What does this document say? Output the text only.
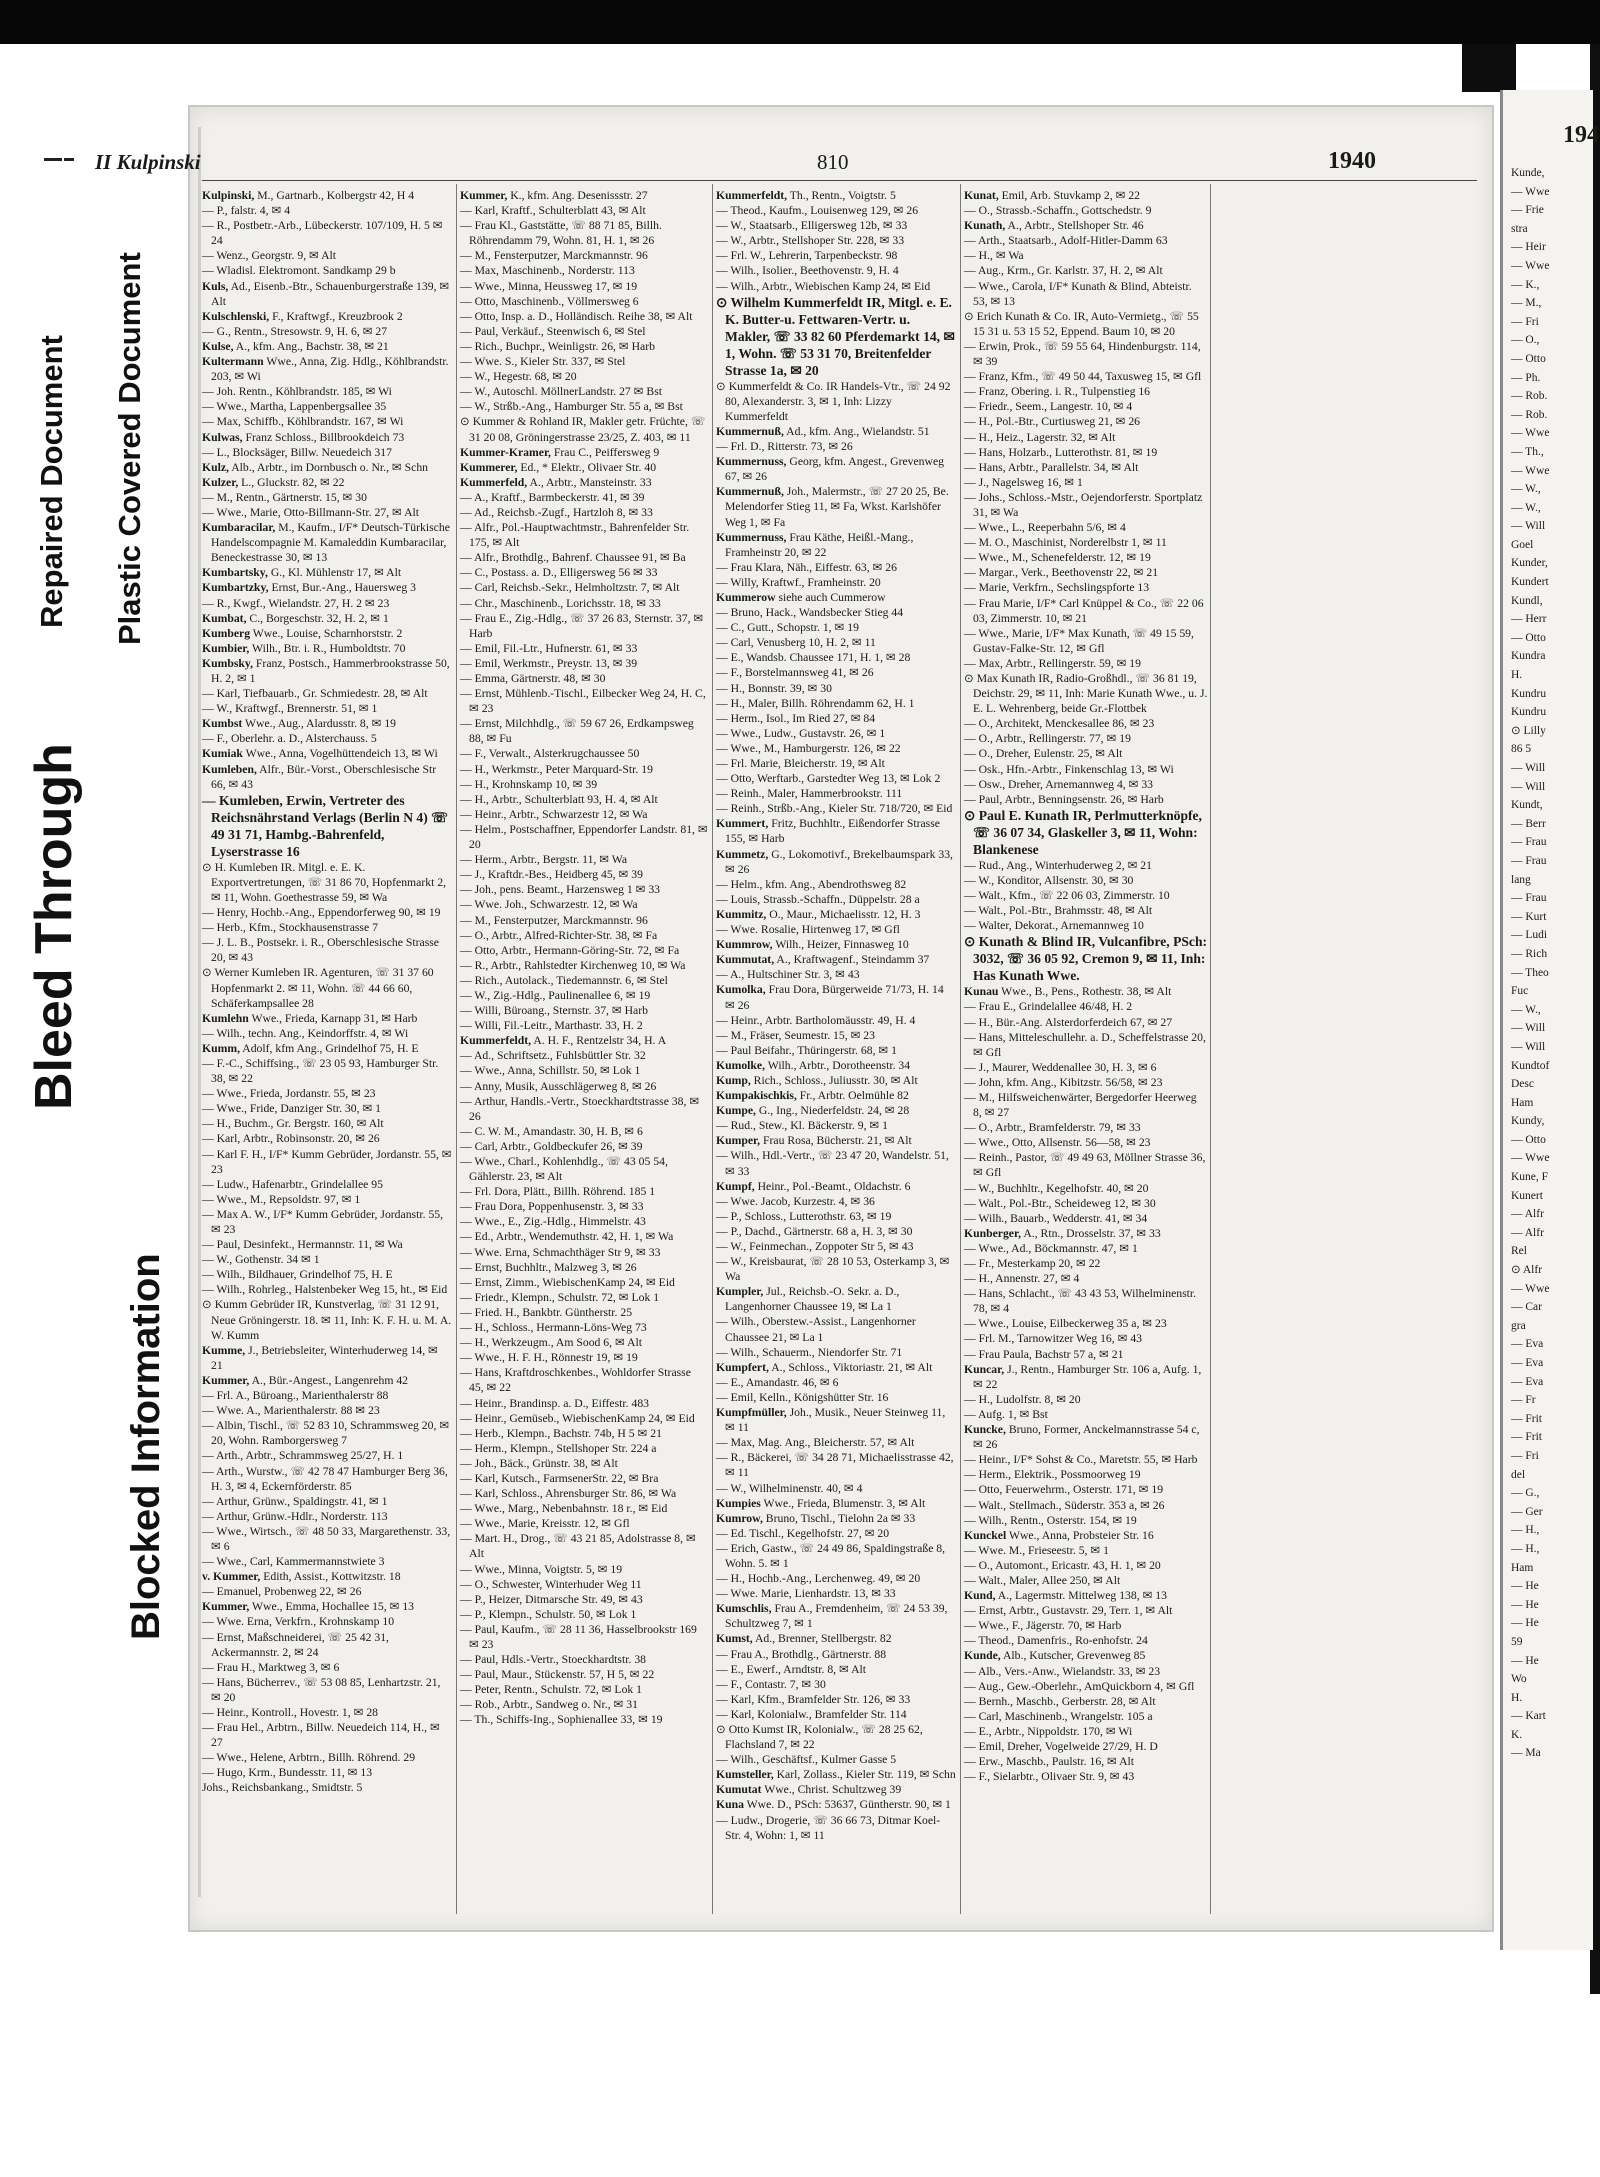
Bleed Through
Repaired Document Plastic Covered Document
Blocked Information
II Kulpinski	810	1940

Kulpinski, M., Gartnarb., Kolbergstr 42, H 4

— P., falstr. 4, ✉ 4

— R., Postbetr.-Arb., Lübeckerstr. 107/109, H. 5 ✉ 24

— Wenz., Georgstr. 9, ✉ Alt

— Wladisl. Elektromont. Sandkamp 29 b

Kuls, Ad., Eisenb.-Btr., Schauenburgerstraße 139, ✉ Alt

Kulschlenski, F., Kraftwgf., Kreuzbrook 2

— G., Rentn., Stresowstr. 9, H. 6, ✉ 27

Kulse, A., kfm. Ang., Bachstr. 38, ✉ 21

Kultermann Wwe., Anna, Zig. Hdlg., Köhlbrandstr. 203, ✉ Wi

— Joh. Rentn., Köhlbrandstr. 185, ✉ Wi

— Wwe., Martha, Lappenbergsallee 35

— Max, Schiffb., Köhlbrandstr. 167, ✉ Wi

Kulwas, Franz Schloss., Billbrookdeich 73

— L., Blocksäger, Billw. Neuedeich 317

Kulz, Alb., Arbtr., im Dornbusch o. Nr., ✉ Schn

Kulzer, L., Gluckstr. 82, ✉ 22

— M., Rentn., Gärtnerstr. 15, ✉ 30

— Wwe., Marie, Otto-Billmann-Str. 27, ✉ Alt

Kumbaracilar, M., Kaufm., I/F* Deutsch-Türkische Handelscompagnie M. Kamaleddin Kumbaracilar, Beneckestrasse 30, ✉ 13

Kumbartsky, G., Kl. Mühlenstr 17, ✉ Alt

Kumbartzky, Ernst, Bur.-Ang., Hauersweg 3

— R., Kwgf., Wielandstr. 27, H. 2 ✉ 23

Kumbat, C., Borgeschstr. 32, H. 2, ✉ 1

Kumberg Wwe., Louise, Scharnhorststr. 2

Kumbier, Wilh., Btr. i. R., Humboldtstr. 70

Kumbsky, Franz, Postsch., Hammerbrookstrasse 50, H. 2, ✉ 1

— Karl, Tiefbauarb., Gr. Schmiedestr. 28, ✉ Alt

— W., Kraftwgf., Brennerstr. 51, ✉ 1

Kumbst Wwe., Aug., Alardusstr. 8, ✉ 19

— F., Oberlehr. a. D., Alsterchauss. 5

Kumiak Wwe., Anna, Vogelhüttendeich 13, ✉ Wi

Kumleben, Alfr., Bür.-Vorst., Oberschlesische Str 66, ✉ 43

— Kumleben, Erwin, Vertreter des Reichsnährstand Verlags (Berlin N 4) ☏ 49 31 71, Hambg.-Bahrenfeld, Lyserstrasse 16

⊙ H. Kumleben IR. Mitgl. e. E. K. Exportvertretungen, ☏ 31 86 70, Hopfenmarkt 2, ✉ 11, Wohn. Goethestrasse 59, ✉ Wa

— Henry, Hochb.-Ang., Eppendorferweg 90, ✉ 19

— Herb., Kfm., Stockhausenstrasse 7

— J. L. B., Postsekr. i. R., Oberschlesische Strasse 20, ✉ 43

⊙ Werner Kumleben IR. Agenturen, ☏ 31 37 60 Hopfenmarkt 2. ✉ 11, Wohn. ☏ 44 66 60, Schäferkampsallee 28

Kumlehn Wwe., Frieda, Karnapp 31, ✉ Harb

— Wilh., techn. Ang., Keindorffstr. 4, ✉ Wi

Kumm, Adolf, kfm Ang., Grindelhof 75, H. E

— F.-C., Schiffsing., ☏ 23 05 93, Hamburger Str. 38, ✉ 22

— Wwe., Frieda, Jordanstr. 55, ✉ 23

— Wwe., Fride, Danziger Str. 30, ✉ 1

— H., Buchm., Gr. Bergstr. 160, ✉ Alt

— Karl, Arbtr., Robinsonstr. 20, ✉ 26

— Karl F. H., I/F* Kumm Gebrüder, Jordanstr. 55, ✉ 23

— Ludw., Hafenarbtr., Grindelallee 95

— Wwe., M., Repsoldstr. 97, ✉ 1

— Max A. W., I/F* Kumm Gebrüder, Jordanstr. 55, ✉ 23

— Paul, Desinfekt., Hermannstr. 11, ✉ Wa

— W., Gothenstr. 34 ✉ 1

— Wilh., Bildhauer, Grindelhof 75, H. E

— Wilh., Rohrleg., Halstenbeker Weg 15, ht., ✉ Eid

⊙ Kumm Gebrüder IR, Kunstverlag, ☏ 31 12 91, Neue Gröningerstr. 18. ✉ 11, Inh: K. F. H. u. M. A. W. Kumm

Kumme, J., Betriebsleiter, Winterhuderweg 14, ✉ 21

Kummer, A., Bür.-Angest., Langenrehm 42

— Frl. A., Büroang., Marienthalerstr 88

— Wwe. A., Marienthalerstr. 88 ✉ 23

— Albin, Tischl., ☏ 52 83 10, Schrammsweg 20, ✉ 20, Wohn. Ramborgersweg 7

— Arth., Arbtr., Schrammsweg 25/27, H. 1

— Arth., Wurstw., ☏ 42 78 47 Hamburger Berg 36, H. 3, ✉ 4, Eckernförderstr. 85

— Arthur, Grünw., Spaldingstr. 41, ✉ 1

— Arthur, Grünw.-Hdlr., Norderstr. 113

— Wwe., Wirtsch., ☏ 48 50 33, Margarethenstr. 33, ✉ 6

— Wwe., Carl, Kammermannstwiete 3

v. Kummer, Edith, Assist., Kottwitzstr. 18

— Emanuel, Probenweg 22, ✉ 26

Kummer, Wwe., Emma, Hochallee 15, ✉ 13

— Wwe. Erna, Verkfrn., Krohnskamp 10

— Ernst, Maßschneiderei, ☏ 25 42 31, Ackermannstr. 2, ✉ 24

— Frau H., Marktweg 3, ✉ 6

— Hans, Bücherrev., ☏ 53 08 85, Lenhartzstr. 21, ✉ 20

— Heinr., Kontroll., Hovestr. 1, ✉ 28

— Frau Hel., Arbtrn., Billw. Neuedeich 114, H., ✉ 27

— Wwe., Helene, Arbtrn., Billh. Röhrend. 29

— Hugo, Krm., Bundesstr. 11, ✉ 13

Johs., Reichsbankang., Smidtstr. 5

Kummer, K., kfm. Ang. Desenissstr. 27

— Karl, Kraftf., Schulterblatt 43, ✉ Alt

— Frau Kl., Gaststätte, ☏ 88 71 85, Billh. Röhrendamm 79, Wohn. 81, H. 1, ✉ 26

— M., Fensterputzer, Marckmannstr. 96

— Max, Maschinenb., Norderstr. 113

— Wwe., Minna, Heussweg 17, ✉ 19

— Otto, Maschinenb., Völlmersweg 6

— Otto, Insp. a. D., Holländisch. Reihe 38, ✉ Alt

— Paul, Verkäuf., Steenwisch 6, ✉ Stel

— Rich., Buchpr., Weinligstr. 26, ✉ Harb

— Wwe. S., Kieler Str. 337, ✉ Stel

— W., Hegestr. 68, ✉ 20

— W., Autoschl. MöllnerLandstr. 27 ✉ Bst

— W., Strßb.-Ang., Hamburger Str. 55 a, ✉ Bst

⊙ Kummer & Rohland IR, Makler getr. Früchte, ☏ 31 20 08, Gröningerstrasse 23/25, Z. 403, ✉ 11

Kummer-Kramer, Frau C., Peiffersweg 9

Kummerer, Ed., * Elektr., Olivaer Str. 40

Kummerfeld, A., Arbtr., Mansteinstr. 33

— A., Kraftf., Barmbeckerstr. 41, ✉ 39

— Ad., Reichsb.-Zugf., Hartzloh 8, ✉ 33

— Alfr., Pol.-Hauptwachtmstr., Bahrenfelder Str. 175, ✉ Alt

— Alfr., Brothdlg., Bahrenf. Chaussee 91, ✉ Ba

— C., Postass. a. D., Elligersweg 56 ✉ 33

— Carl, Reichsb.-Sekr., Helmholtzstr. 7, ✉ Alt

— Chr., Maschinenb., Lorichsstr. 18, ✉ 33

— Frau E., Zig.-Hdlg., ☏ 37 26 83, Sternstr. 37, ✉ Harb

— Emil, Fil.-Ltr., Hufnerstr. 61, ✉ 33

— Emil, Werkmstr., Preystr. 13, ✉ 39

— Emma, Gärtnerstr. 48, ✉ 30

— Ernst, Mühlenb.-Tischl., Eilbecker Weg 24, H. C, ✉ 23

— Ernst, Milchhdlg., ☏ 59 67 26, Erdkampsweg 88, ✉ Fu

— F., Verwalt., Alsterkrugchaussee 50

— H., Werkmstr., Peter Marquard-Str. 19

— H., Krohnskamp 10, ✉ 39

— H., Arbtr., Schulterblatt 93, H. 4, ✉ Alt

— Heinr., Arbtr., Schwarzestr 12, ✉ Wa

— Helm., Postschaffner, Eppendorfer Landstr. 81, ✉ 20

— Herm., Arbtr., Bergstr. 11, ✉ Wa

— J., Kraftdr.-Bes., Heidberg 45, ✉ 39

— Joh., pens. Beamt., Harzensweg 1 ✉ 33

— Wwe. Joh., Schwarzestr. 12, ✉ Wa

— M., Fensterputzer, Marckmannstr. 96

— O., Arbtr., Alfred-Richter-Str. 38, ✉ Fa

— Otto, Arbtr., Hermann-Göring-Str. 72, ✉ Fa

— R., Arbtr., Rahlstedter Kirchenweg 10, ✉ Wa

— Rich., Autolack., Tiedemannstr. 6, ✉ Stel

— W., Zig.-Hdlg., Paulinenallee 6, ✉ 19

— Willi, Büroang., Sternstr. 37, ✉ Harb

— Willi, Fil.-Leitr., Marthastr. 33, H. 2

Kummerfeldt, A. H. F., Rentzelstr 34, H. A

— Ad., Schriftsetz., Fuhlsbüttler Str. 32

— Wwe., Anna, Schillstr. 50, ✉ Lok 1

— Anny, Musik, Ausschlägerweg 8, ✉ 26

— Arthur, Handls.-Vertr., Stoeckhardtstrasse 38, ✉ 26

— C. W. M., Amandastr. 30, H. B, ✉ 6

— Carl, Arbtr., Goldbeckufer 26, ✉ 39

— Wwe., Charl., Kohlenhdlg., ☏ 43 05 54, Gählerstr. 23, ✉ Alt

— Frl. Dora, Plätt., Billh. Röhrend. 185 1

— Frau Dora, Poppenhusenstr. 3, ✉ 33

— Wwe., E., Zig.-Hdlg., Himmelstr. 43

— Ed., Arbtr., Wendemuthstr. 42, H. 1, ✉ Wa

— Wwe. Erna, Schmachthäger Str 9, ✉ 33

— Ernst, Buchhltr., Malzweg 3, ✉ 26

— Ernst, Zimm., WiebischenKamp 24, ✉ Eid

— Friedr., Klempn., Schulstr. 72, ✉ Lok 1

— Fried. H., Bankbtr. Güntherstr. 25

— H., Schloss., Hermann-Löns-Weg 73

— H., Werkzeugm., Am Sood 6, ✉ Alt

— Wwe., H. F. H., Rönnestr 19, ✉ 19

— Hans, Kraftdroschkenbes., Wohldorfer Strasse 45, ✉ 22

— Heinr., Brandinsp. a. D., Eiffestr. 483

— Heinr., Gemüseb., WiebischenKamp 24, ✉ Eid

— Herb., Klempn., Bachstr. 74b, H 5 ✉ 21

— Herm., Klempn., Stellshoper Str. 224 a

— Joh., Bäck., Grünstr. 38, ✉ Alt

— Karl, Kutsch., FarmsenerStr. 22, ✉ Bra

— Karl, Schloss., Ahrensburger Str. 86, ✉ Wa

— Wwe., Marg., Nebenbahnstr. 18 r., ✉ Eid

— Wwe., Marie, Kreisstr. 12, ✉ Gfl

— Mart. H., Drog., ☏ 43 21 85, Adolstrasse 8, ✉ Alt

— Wwe., Minna, Voigtstr. 5, ✉ 19

— O., Schwester, Winterhuder Weg 11

— P., Heizer, Ditmarsche Str. 49, ✉ 43

— P., Klempn., Schulstr. 50, ✉ Lok 1

— Paul, Kaufm., ☏ 28 11 36, Hasselbrookstr 169 ✉ 23

— Paul, Hdls.-Vertr., Stoeckhardtstr. 38

— Paul, Maur., Stückenstr. 57, H 5, ✉ 22

— Peter, Rentn., Schulstr. 72, ✉ Lok 1

— Rob., Arbtr., Sandweg o. Nr., ✉ 31

— Th., Schiffs-Ing., Sophienallee 33, ✉ 19

Kummerfeldt, Th., Rentn., Voigtstr. 5

— Theod., Kaufm., Louisenweg 129, ✉ 26

— W., Staatsarb., Elligersweg 12b, ✉ 33

— W., Arbtr., Stellshoper Str. 228, ✉ 33

— Frl. W., Lehrerin, Tarpenbeckstr. 98

— Wilh., Isolier., Beethovenstr. 9, H. 4

— Wilh., Arbtr., Wiebischen Kamp 24, ✉ Eid

⊙ Wilhelm Kummerfeldt IR, Mitgl. e. E. K. Butter-u. Fettwaren-Vertr. u. Makler, ☏ 33 82 60 Pferdemarkt 14, ✉ 1, Wohn. ☏ 53 31 70, Breitenfelder Strasse 1a, ✉ 20

⊙ Kummerfeldt & Co. IR Handels-Vtr., ☏ 24 92 80, Alexanderstr. 3, ✉ 1, Inh: Lizzy Kummerfeldt

Kummernuß, Ad., kfm. Ang., Wielandstr. 51

— Frl. D., Ritterstr. 73, ✉ 26

Kummernuss, Georg, kfm. Angest., Grevenweg 67, ✉ 26

Kummernuß, Joh., Malermstr., ☏ 27 20 25, Be. Melendorfer Stieg 11, ✉ Fa, Wkst. Karlshöfer Weg 1, ✉ Fa

Kummernuss, Frau Käthe, Heißl.-Mang., Framheinstr 20, ✉ 22

— Frau Klara, Näh., Eiffestr. 63, ✉ 26

— Willy, Kraftwf., Framheinstr. 20

Kummerow siehe auch Cummerow

— Bruno, Hack., Wandsbecker Stieg 44

— C., Gutt., Schopstr. 1, ✉ 19

— Carl, Venusberg 10, H. 2, ✉ 11

— E., Wandsb. Chaussee 171, H. 1, ✉ 28

— F., Borstelmannsweg 41, ✉ 26

— H., Bonnstr. 39, ✉ 30

— H., Maler, Billh. Röhrendamm 62, H. 1

— Herm., Isol., Im Ried 27, ✉ 84

— Wwe., Ludw., Gustavstr. 26, ✉ 1

— Wwe., M., Hamburgerstr. 126, ✉ 22

— Frl. Marie, Bleicherstr. 19, ✉ Alt

— Otto, Werftarb., Garstedter Weg 13, ✉ Lok 2

— Reinh., Maler, Hammerbrookstr. 111

— Reinh., Strßb.-Ang., Kieler Str. 718/720, ✉ Eid

Kummert, Fritz, Buchhltr., Eißendorfer Strasse 155, ✉ Harb

Kummetz, G., Lokomotivf., Brekelbaumspark 33, ✉ 26

— Helm., kfm. Ang., Abendrothsweg 82

— Louis, Strassb.-Schaffn., Düppelstr. 28 a

Kummitz, O., Maur., Michaelisstr. 12, H. 3

— Wwe. Rosalie, Hirtenweg 17, ✉ Gfl

Kummrow, Wilh., Heizer, Finnasweg 10

Kummutat, A., Kraftwagenf., Steindamm 37

— A., Hultschiner Str. 3, ✉ 43

Kumolka, Frau Dora, Bürgerweide 71/73, H. 14 ✉ 26

— Heinr., Arbtr. Bartholomäusstr. 49, H. 4

— M., Fräser, Seumestr. 15, ✉ 23

— Paul Beifahr., Thüringerstr. 68, ✉ 1

Kumolke, Wilh., Arbtr., Dorotheenstr. 34

Kump, Rich., Schloss., Juliusstr. 30, ✉ Alt

Kumpakischkis, Fr., Arbtr. Oelmühle 82

Kumpe, G., Ing., Niederfeldstr. 24, ✉ 28

— Rud., Stew., Kl. Bäckerstr. 9, ✉ 1

Kumper, Frau Rosa, Bücherstr. 21, ✉ Alt

— Wilh., Hdl.-Vertr., ☏ 23 47 20, Wandelstr. 51, ✉ 33

Kumpf, Heinr., Pol.-Beamt., Oldachstr. 6

— Wwe. Jacob, Kurzestr. 4, ✉ 36

— P., Schloss., Lutterothstr. 63, ✉ 19

— P., Dachd., Gärtnerstr. 68 a, H. 3, ✉ 30

— W., Feinmechan., Zoppoter Str 5, ✉ 43

— W., Kreisbaurat, ☏ 28 10 53, Osterkamp 3, ✉ Wa

Kumpler, Jul., Reichsb.-O. Sekr. a. D., Langenhorner Chaussee 19, ✉ La 1

— Wilh., Oberstew.-Assist., Langenhorner Chaussee 21, ✉ La 1

— Wilh., Schauerm., Niendorfer Str. 71

Kumpfert, A., Schloss., Viktoriastr. 21, ✉ Alt

— E., Amandastr. 46, ✉ 6

— Emil, Kelln., Königshütter Str. 16

Kumpfmüller, Joh., Musik., Neuer Steinweg 11, ✉ 11

— Max, Mag. Ang., Bleicherstr. 57, ✉ Alt

— R., Bäckerei, ☏ 34 28 71, Michaelisstrasse 42, ✉ 11

— W., Wilhelminenstr. 40, ✉ 4

Kumpies Wwe., Frieda, Blumenstr. 3, ✉ Alt

Kumrow, Bruno, Tischl., Tielohn 2a ✉ 33

— Ed. Tischl., Kegelhofstr. 27, ✉ 20

— Erich, Gastw., ☏ 24 49 86, Spaldingstraße 8, Wohn. 5. ✉ 1

— H., Hochb.-Ang., Lerchenweg. 49, ✉ 20

— Wwe. Marie, Lienhardstr. 13, ✉ 33

Kumschlis, Frau A., Fremdenheim, ☏ 24 53 39, Schultzweg 7, ✉ 1

Kumst, Ad., Brenner, Stellbergstr. 82

— Frau A., Brothdlg., Gärtnerstr. 88

— E., Ewerf., Arndtstr. 8, ✉ Alt

— F., Contastr. 7, ✉ 30

— Karl, Kfm., Bramfelder Str. 126, ✉ 33

— Karl, Kolonialw., Bramfelder Str. 114

⊙ Otto Kumst IR, Kolonialw., ☏ 28 25 62, Flachsland 7, ✉ 22

— Wilh., Geschäftsf., Kulmer Gasse 5

Kumsteller, Karl, Zollass., Kieler Str. 119, ✉ Schn

Kumutat Wwe., Christ. Schultzweg 39

Kuna Wwe. D., PSch: 53637, Güntherstr. 90, ✉ 1

— Ludw., Drogerie, ☏ 36 66 73, Ditmar Koel-Str. 4, Wohn: 1, ✉ 11

Kunat, Emil, Arb. Stuvkamp 2, ✉ 22

— O., Strassb.-Schaffn., Gottschedstr. 9

Kunath, A., Arbtr., Stellshoper Str. 46

— Arth., Staatsarb., Adolf-Hitler-Damm 63

— H., ✉ Wa

— Aug., Krm., Gr. Karlstr. 37, H. 2, ✉ Alt

— Wwe., Carola, I/F* Kunath & Blind, Abteistr. 53, ✉ 13

⊙ Erich Kunath & Co. IR, Auto-Vermietg., ☏ 55 15 31 u. 53 15 52, Eppend. Baum 10, ✉ 20

— Erwin, Prok., ☏ 59 55 64, Hindenburgstr. 114, ✉ 39

— Franz, Kfm., ☏ 49 50 44, Taxusweg 15, ✉ Gfl

— Franz, Obering. i. R., Tulpenstieg 16

— Friedr., Seem., Langestr. 10, ✉ 4

— H., Pol.-Btr., Curtiusweg 21, ✉ 26

— H., Heiz., Lagerstr. 32, ✉ Alt

— Hans, Holzarb., Lutterothstr. 81, ✉ 19

— Hans, Arbtr., Parallelstr. 34, ✉ Alt

— J., Nagelsweg 16, ✉ 1

— Johs., Schloss.-Mstr., Oejendorferstr. Sportplatz 31, ✉ Wa

— Wwe., L., Reeperbahn 5/6, ✉ 4

— M. O., Maschinist, Norderelbstr 1, ✉ 11

— Wwe., M., Schenefelderstr. 12, ✉ 19

— Margar., Verk., Beethovenstr 22, ✉ 21

— Marie, Verkfrn., Sechslingspforte 13

— Frau Marie, I/F* Carl Knüppel & Co., ☏ 22 06 03, Zimmerstr. 10, ✉ 21

— Wwe., Marie, I/F* Max Kunath, ☏ 49 15 59, Gustav-Falke-Str. 12, ✉ Gfl

— Max, Arbtr., Rellingerstr. 59, ✉ 19

⊙ Max Kunath IR, Radio-Großhdl., ☏ 36 81 19, Deichstr. 29, ✉ 11, Inh: Marie Kunath Wwe., u. J. E. L. Wehrenberg, beide Gr.-Flottbek

— O., Architekt, Menckesallee 86, ✉ 23

— O., Arbtr., Rellingerstr. 77, ✉ 19

— O., Dreher, Eulenstr. 25, ✉ Alt

— Osk., Hfn.-Arbtr., Finkenschlag 13, ✉ Wi

— Osw., Dreher, Arnemannweg 4, ✉ 33

— Paul, Arbtr., Benningsenstr. 26, ✉ Harb

⊙ Paul E. Kunath IR, Perlmutterknöpfe, ☏ 36 07 34, Glaskeller 3, ✉ 11, Wohn: Blankenese

— Rud., Ang., Winterhuderweg 2, ✉ 21

— W., Konditor, Allsenstr. 30, ✉ 30

— Walt., Kfm., ☏ 22 06 03, Zimmerstr. 10

— Walt., Pol.-Btr., Brahmsstr. 48, ✉ Alt

— Walter, Dekorat., Arnemannweg 10

⊙ Kunath & Blind IR, Vulcanfibre, PSch: 3032, ☏ 36 05 92, Cremon 9, ✉ 11, Inh: Has Kunath Wwe.

Kunau Wwe., B., Pens., Rothestr. 38, ✉ Alt

— Frau E., Grindelallee 46/48, H. 2

— H., Bür.-Ang. Alsterdorferdeich 67, ✉ 27

— Hans, Mitteleschullehr. a. D., Scheffelstrasse 20, ✉ Gfl

— J., Maurer, Weddenallee 30, H. 3, ✉ 6

— John, kfm. Ang., Kibitzstr. 56/58, ✉ 23

— M., Hilfsweichenwärter, Bergedorfer Heerweg 8, ✉ 27

— O., Arbtr., Bramfelderstr. 79, ✉ 33

— Wwe., Otto, Allsenstr. 56—58, ✉ 23

— Reinh., Pastor, ☏ 49 49 63, Möllner Strasse 36, ✉ Gfl

— W., Buchhltr., Kegelhofstr. 40, ✉ 20

— Walt., Pol.-Btr., Scheideweg 12, ✉ 30

— Wilh., Bauarb., Wedderstr. 41, ✉ 34

Kunberger, A., Rtn., Drosselstr. 37, ✉ 33

— Wwe., Ad., Böckmannstr. 47, ✉ 1

— Fr., Mesterkamp 20, ✉ 22

— H., Annenstr. 27, ✉ 4

— Hans, Schlacht., ☏ 43 43 53, Wilhelminenstr. 78, ✉ 4

— Wwe., Louise, Eilbeckerweg 35 a, ✉ 23

— Frl. M., Tarnowitzer Weg 16, ✉ 43

— Frau Paula, Bachstr 57 a, ✉ 21

Kuncar, J., Rentn., Hamburger Str. 106 a, Aufg. 1, ✉ 22

— H., Ludolfstr. 8, ✉ 20

— Aufg. 1, ✉ Bst

Kuncke, Bruno, Former, Anckelmannstrasse 54 c, ✉ 26

— Heinr., I/F* Sohst & Co., Maretstr. 55, ✉ Harb

— Herm., Elektrik., Possmoorweg 19

— Otto, Feuerwehrm., Osterstr. 171, ✉ 19

— Walt., Stellmach., Süderstr. 353 a, ✉ 26

— Wilh., Rentn., Osterstr. 154, ✉ 19

Kunckel Wwe., Anna, Probsteier Str. 16

— Wwe. M., Frieseestr. 5, ✉ 1

— O., Automont., Ericastr. 43, H. 1, ✉ 20

— Walt., Maler, Allee 250, ✉ Alt

Kund, A., Lagermstr. Mittelweg 138, ✉ 13

— Ernst, Arbtr., Gustavstr. 29, Terr. 1, ✉ Alt

— Wwe., F., Jägerstr. 70, ✉ Harb

— Theod., Damenfris., Ro-enhofstr. 24

Kunde, Alb., Kutscher, Grevenweg 85

— Alb., Vers.-Anw., Wielandstr. 33, ✉ 23

— Aug., Gew.-Oberlehr., AmQuickborn 4, ✉ Gfl

— Bernh., Maschb., Gerberstr. 28, ✉ Alt

— Carl, Maschinenb., Wrangelstr. 105 a

— E., Arbtr., Nippoldstr. 170, ✉ Wi

— Emil, Dreher, Vogelweide 27/29, H. D

— Erw., Maschb., Paulstr. 16, ✉ Alt

— F., Sielarbtr., Olivaer Str. 9, ✉ 43

194
Kunde,
— Wwe
— Frie
stra
— Heir
— Wwe
— K.,
— M.,
— Fri
— O.,
— Otto
— Ph.
— Rob.
— Rob.
— Wwe
— Th.,
— Wwe
— W.,
— W.,
— Will
Goel
Kunder,
Kundert
Kundl,
— Herr
— Otto
Kundra
H.
Kundru
Kundru
⊙ Lilly
86 5
— Will
— Will
Kundt,
— Berr
— Frau
— Frau
lang
— Frau
— Kurt
— Ludi
— Rich
— Theo
Fuc
— W.,
— Will
— Will
Kundtof
Desc
Ham
Kundy,
— Otto
— Wwe
Kune, F
Kunert
— Alfr
— Alfr
Rel
⊙ Alfr
— Wwe
— Car
gra
— Eva
— Eva
— Eva
— Fr
— Frit
— Frit
— Fri
del
— G.,
— Ger
— H.,
— H.,
Ham
— He
— He
— He
59
— He
Wo
H.
— Kart
K.
— Ma
